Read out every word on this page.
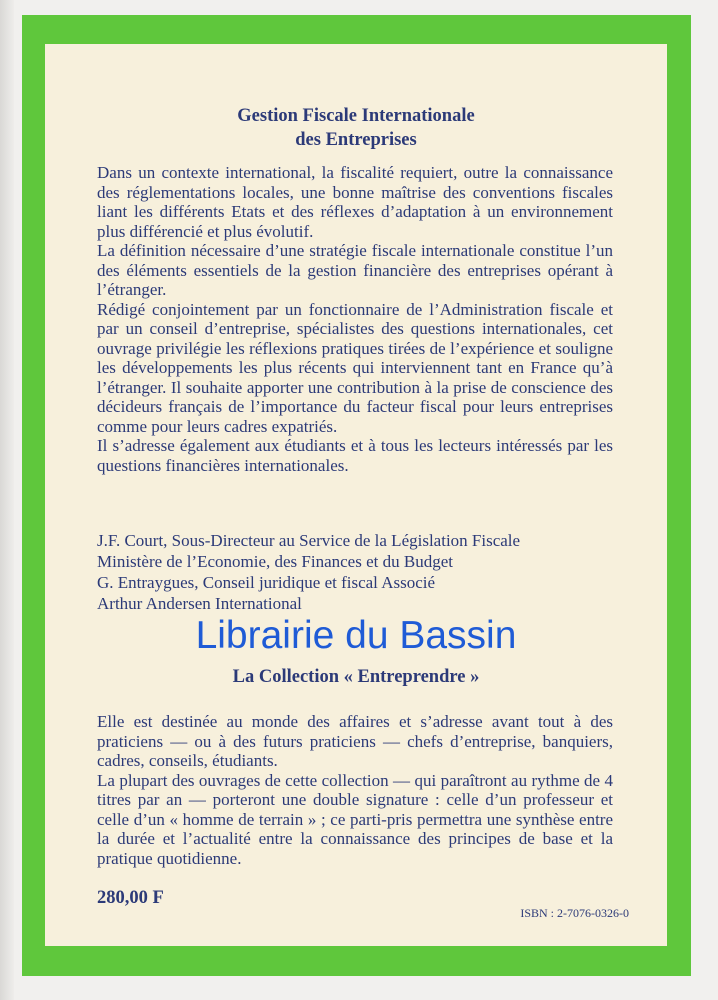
Gestion Fiscale Internationale
des Entreprises

Dans un contexte international, la fiscalité requiert, outre la connaissance des réglementations locales, une bonne maîtrise des conventions fiscales liant les différents Etats et des réflexes d’adaptation à un environnement plus différencié et plus évolutif.

La définition nécessaire d’une stratégie fiscale internationale constitue l’un des éléments essentiels de la gestion financière des entreprises opérant à l’étranger.

Rédigé conjointement par un fonctionnaire de l’Administration fiscale et par un conseil d’entreprise, spécialistes des questions internationales, cet ouvrage privilégie les réflexions pratiques tirées de l’expérience et souligne les développements les plus récents qui interviennent tant en France qu’à l’étranger. Il souhaite apporter une contribution à la prise de conscience des décideurs français de l’importance du facteur fiscal pour leurs entreprises comme pour leurs cadres expatriés.

Il s’adresse également aux étudiants et à tous les lecteurs intéressés par les questions financières internationales.

J.F. Court, Sous-Directeur au Service de la Législation Fiscale
Ministère de l’Economie, des Finances et du Budget
G. Entraygues, Conseil juridique et fiscal Associé
Arthur Andersen International
Librairie du Bassin
La Collection « Entreprendre »

Elle est destinée au monde des affaires et s’adresse avant tout à des praticiens — ou à des futurs praticiens — chefs d’entreprise, banquiers, cadres, conseils, étudiants.

La plupart des ouvrages de cette collection — qui paraîtront au rythme de 4 titres par an — porteront une double signature : celle d’un professeur et celle d’un « homme de terrain » ; ce parti-pris permettra une synthèse entre la durée et l’actualité entre la connaissance des principes de base et la pratique quotidienne.

280,00 F
ISBN : 2-7076-0326-0
